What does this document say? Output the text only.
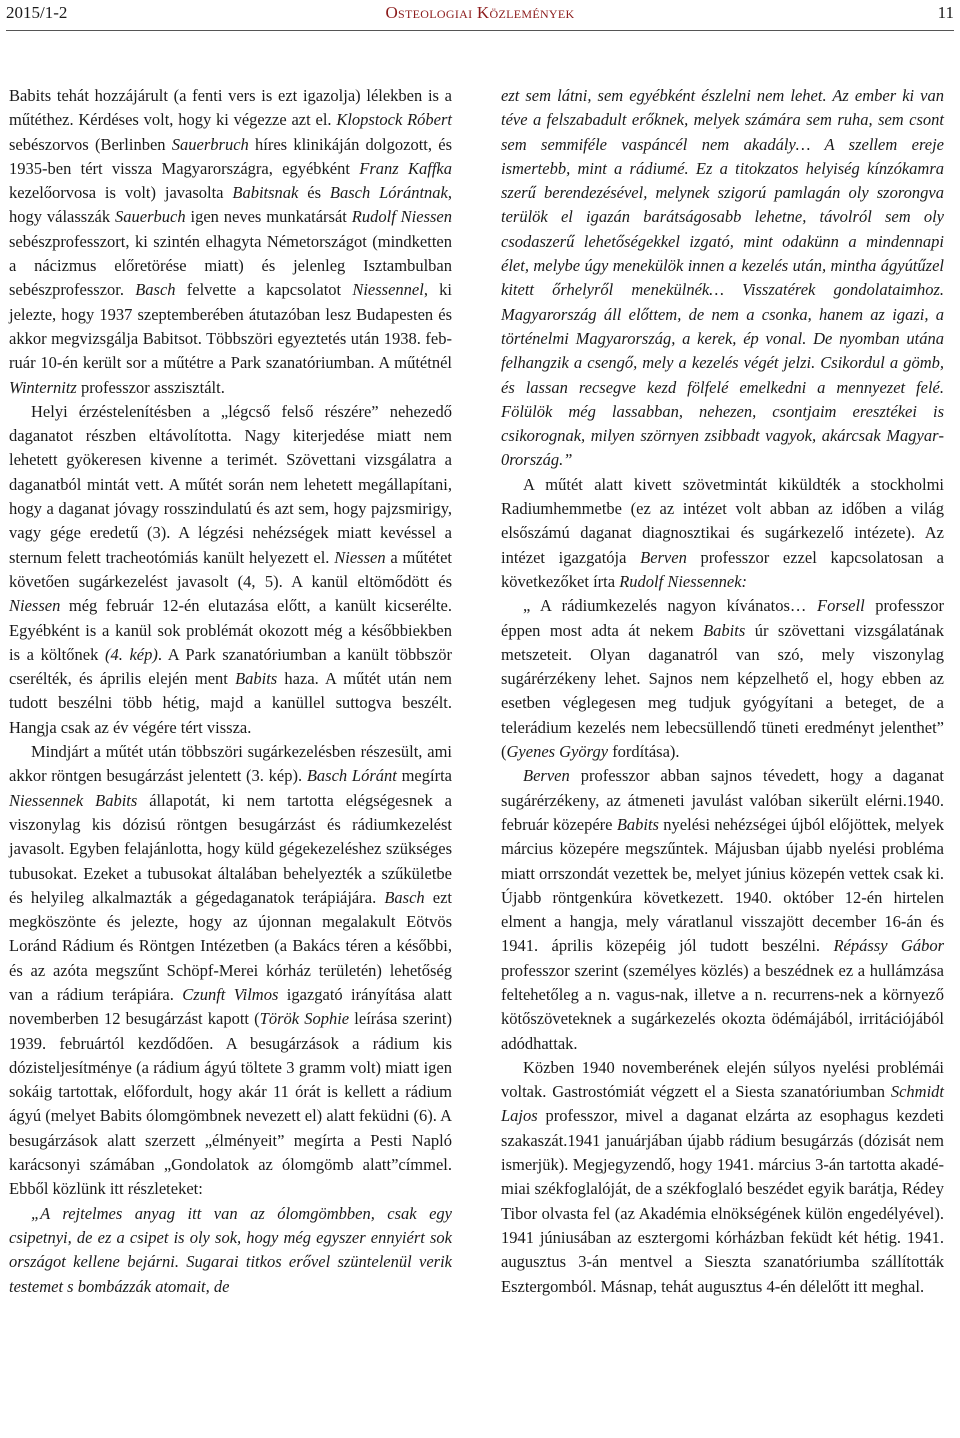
2015/1-2	Osteologiai Közlemények	11

Babits tehát hozzájárult (a fenti vers is ezt igazolja) lélekben is a műtéthez. Kérdéses volt, hogy ki végezze azt el. Klopstock Róbert sebészorvos (Berlinben Sauerbruch híres klinikáján dolgozott, és 1935-ben tért vissza Magyarországra, egyébként Franz Kaffka kezelőorvosa is volt) javasolta Babitsnak és Basch Lórántnak, hogy válasszák Sauerbuch igen neves munkatársát Rudolf Niessen sebészprofesszort, ki szintén elhagyta Németországot (mindketten a nácizmus előretörése miatt) és jelenleg Isztambulban sebészprofesszor. Basch felvette a kapcsolatot Niessennel, ki jelezte, hogy 1937 szeptemberében átutazóban lesz Budapesten és akkor megvizsgálja Babitsot. Többszöri egyeztetés után 1938. február 10-én került sor a műtétre a Park szanatóriumban. A műtétnél Winternitz professzor asszisztált.

Helyi érzéstelenítésben a „légcső felső részére” nehezedő daganatot részben eltávolította. Nagy kiterjedése miatt nem lehetett gyökeresen kivenne a terimét. Szövettani vizsgálatra a daganatból mintát vett. A műtét során nem lehetett megállapítani, hogy a daganat jóvagy rosszindulatú és azt sem, hogy pajzsmirigy, vagy gége eredetű (3). A légzési nehézségek miatt kevéssel a sternum felett tracheotómiás kanült helyezett el. Niessen a műtétet követően sugárkezelést javasolt (4, 5). A kanül eltömődött és Niessen még február 12-én elutazása előtt, a kanült kicserélte. Egyébként is a kanül sok problémát okozott még a későbbiekben is a költőnek (4. kép). A Park szanatóriumban a kanült többször cserélték, és április elején ment Babits haza. A műtét után nem tudott beszélni több hétig, majd a kanüllel suttogva beszélt. Hangja csak az év végére tért vissza.

Mindjárt a műtét után többszöri sugárkezelésben részesült, ami akkor röntgen besugárzást jelentett (3. kép). Basch Lóránt megírta Niessennek Babits állapotát, ki nem tartotta elégségesnek a viszonylag kis dózisú röntgen besugárzást és rádiumkezelést javasolt. Egyben felajánlotta, hogy küld gégekezeléshez szükséges tubusokat. Ezeket a tubusokat általában behelyezték a szűkületbe és helyileg alkalmazták a gégedaganatok terápiájára. Basch ezt megköszönte és jelezte, hogy az újonnan megalakult Eötvös Loránd Rádium és Röntgen Intézetben (a Bakács téren a későbbi, és az azóta megszűnt Schöpf-Merei kórház területén) lehetőség van a rádium terápiára. Czunft Vilmos igazgató irányítása alatt novemberben 12 besugárzást kapott (Török Sophie leírása szerint) 1939. februártól kezdődően. A besugárzások a rádium kis dózisteljesítménye (a rádium ágyú töltete 3 gramm volt) miatt igen sokáig tartottak, előfordult, hogy akár 11 órát is kellett a rádium ágyú (melyet Babits ólomgömbnek nevezett el) alatt feküdni (6). A besugárzások alatt szerzett „élményeit” megírta a Pesti Napló karácsonyi számában „Gondolatok az ólomgömb alatt”címmel. Ebből közlünk itt részleteket:

„A rejtelmes anyag itt van az ólomgömbben, csak egy csipetnyi, de ez a csipet is oly sok, hogy még egyszer ennyiért sok országot kellene bejárni. Sugarai titkos erővel szüntelenül verik testemet s bombázzák atomait, de

ezt sem látni, sem egyébként észlelni nem lehet. Az ember ki van téve a felszabadult erőknek, melyek számára sem ruha, sem csont sem semmiféle vaspáncél nem akadály… A szellem ereje ismertebb, mint a rádiumé. Ez a titokzatos helyiség kínzókamra szerű berendezésével, melynek szigorú pamlagán oly szorongva terülök el igazán barátságosabb lehetne, távolról sem oly csodaszerű lehetőségekkel izgató, mint odakünn a mindennapi élet, melybe úgy menekülök innen a kezelés után, mintha ágyútűzel kitett őrhelyről menekülnék… Visszatérek gondolataimhoz. Magyarország áll előttem, de nem a csonka, hanem az igazi, a történelmi Magyarország, a kerek, ép vonal. De nyomban utána felhangzik a csengő, mely a kezelés végét jelzi. Csikordul a gömb, és lassan recsegve kezd fölfelé emelkedni a mennyezet felé. Fölülök még lassabban, nehezen, csontjaim eresztékei is csikorognak, milyen szörnyen zsibbadt vagyok, akárcsak Magyar0rország.”

A műtét alatt kivett szövetmintát kiküldték a stockholmi Radiumhemmetbe (ez az intézet volt abban az időben a világ elsőszámú daganat diagnosztikai és sugárkezelő intézete). Az intézet igazgatója Berven professzor ezzel kapcsolatosan a következőket írta Rudolf Niessennek:

„ A rádiumkezelés nagyon kívánatos… Forsell professzor éppen most adta át nekem Babits úr szövettani vizsgálatának metszeteit. Olyan daganatról van szó, mely viszonylag sugárérzékeny lehet. Sajnos nem képzelhető el, hogy ebben az esetben véglegesen meg tudjuk gyógyítani a beteget, de a telerádium kezelés nem lebecsüllendő tüneti eredményt jelenthet” (Gyenes György fordítása).

Berven professzor abban sajnos tévedett, hogy a daganat sugárérzékeny, az átmeneti javulást valóban sikerült elérni.1940. február közepére Babits nyelési nehézségei újból előjöttek, melyek március közepére megszűntek. Májusban újabb nyelési probléma miatt orrszondát vezettek be, melyet június közepén vettek csak ki. Újabb röntgenkúra következett. 1940. október 12-én hirtelen elment a hangja, mely váratlanul visszajött december 16-án és 1941. április közepéig jól tudott beszélni. Répássy Gábor professzor szerint (személyes közlés) a beszédnek ez a hullámzása feltehetőleg a n. vagus-nak, illetve a n. recurrens-nek a környező kötőszöveteknek a sugárkezelés okozta ödémájából, irritációjából adódhattak.

Közben 1940 novemberének elején súlyos nyelési problémái voltak. Gastrostómiát végzett el a Siesta szanatóriumban Schmidt Lajos professzor, mivel a daganat elzárta az esophagus kezdeti szakaszát.1941 januárjában újabb rádium besugárzás (dózisát nem ismerjük). Megjegyzendő, hogy 1941. március 3-án tartotta akadémiai székfoglalóját, de a székfoglaló beszédet egyik barátja, Rédey Tibor olvasta fel (az Akadémia elnökségének külön engedélyével). 1941 júniusában az esztergomi kórházban feküdt két hétig. 1941. augusztus 3-án mentvel a Sieszta szanatóriumba szállították Esztergomból. Másnap, tehát augusztus 4-én délelőtt itt meghal.
